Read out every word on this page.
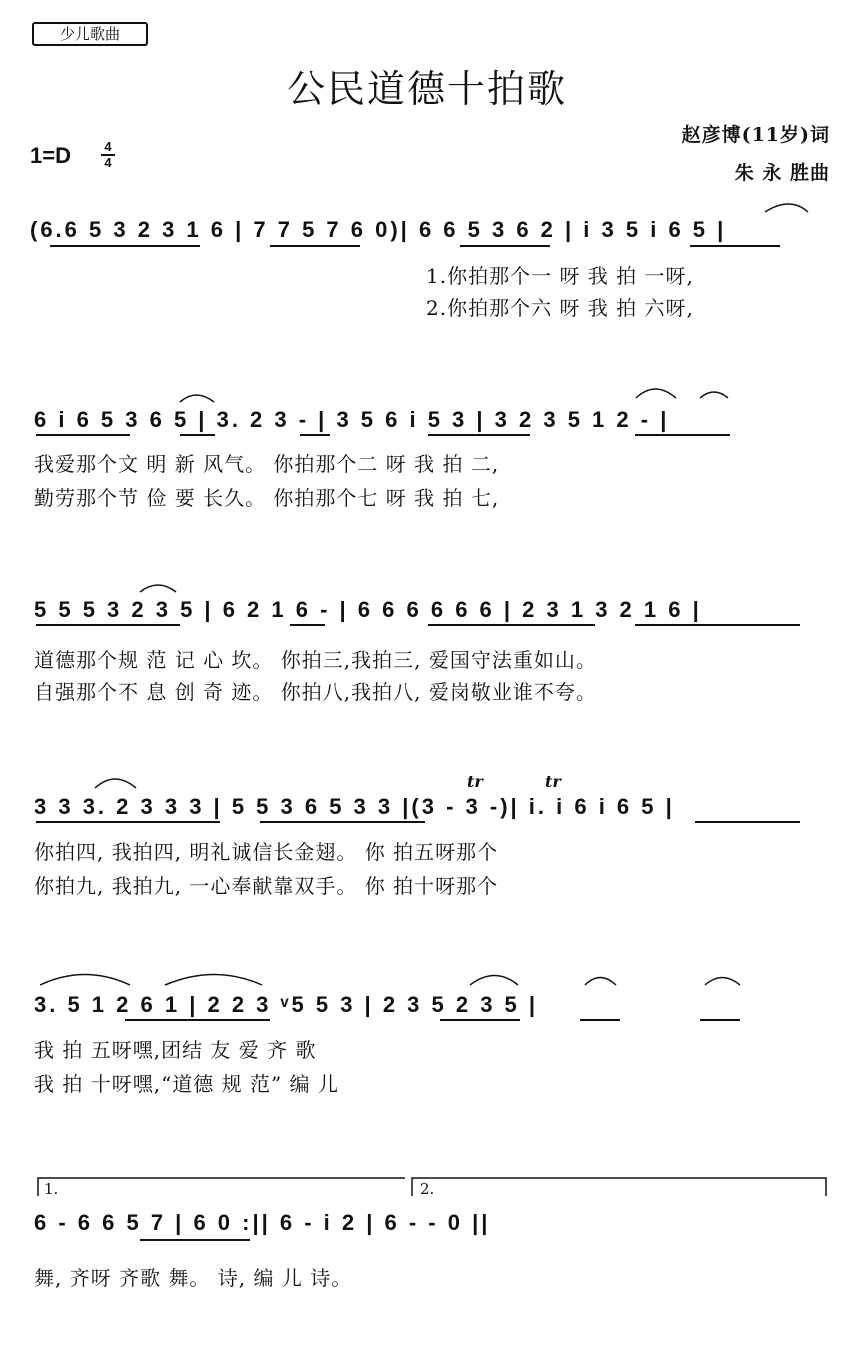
少儿歌曲
公民道德十拍歌
1=D	4
4
赵彦博(11岁)词
朱 永 胜曲
(6.6 5 3 2 3 1 6 | 7 7 5 7 6 0)| 6 6 5 3 6 2 | i 3 5 i 6 5 |
1.你拍那个一 呀 我 拍 一呀,
2.你拍那个六 呀 我 拍 六呀,
6 i 6 5 3 6 5 | 3. 2 3 - | 3 5 6 i 5 3 | 3 2 3 5 1 2 - |
我爱那个文 明 新 风气。 你拍那个二 呀 我 拍 二,
勤劳那个节 俭 要 长久。 你拍那个七 呀 我 拍 七,
5 5 5 3 2 3 5 | 6 2 1 6 - | 6 6 6 6 6 6 | 2 3 1 3 2 1 6 |
道德那个规 范 记 心 坎。 你拍三,我拍三, 爱国守法重如山。
自强那个不 息 创 奇 迹。 你拍八,我拍八, 爱岗敬业谁不夸。
tr	tr
3 3 3. 2 3 3 3 | 5 5 3 6 5 3 3 |(3 - 3 -)| i. i 6 i 6 5 |
你拍四, 我拍四, 明礼诚信长金翅。 你 拍五呀那个
你拍九, 我拍九, 一心奉献靠双手。 你 拍十呀那个
3. 5 1 2 6 1 | 2 2 3 ᵛ5 5 3 | 2 3 5 2 3 5 |
我 拍 五呀嘿,团结 友 爱 齐 歌
我 拍 十呀嘿,“道德 规 范” 编 儿
1.	2.
6 - 6 6 5 7 | 6 0 :|| 6 - i 2 | 6 - - 0 ||
舞, 齐呀 齐歌 舞。 诗, 编 儿 诗。
